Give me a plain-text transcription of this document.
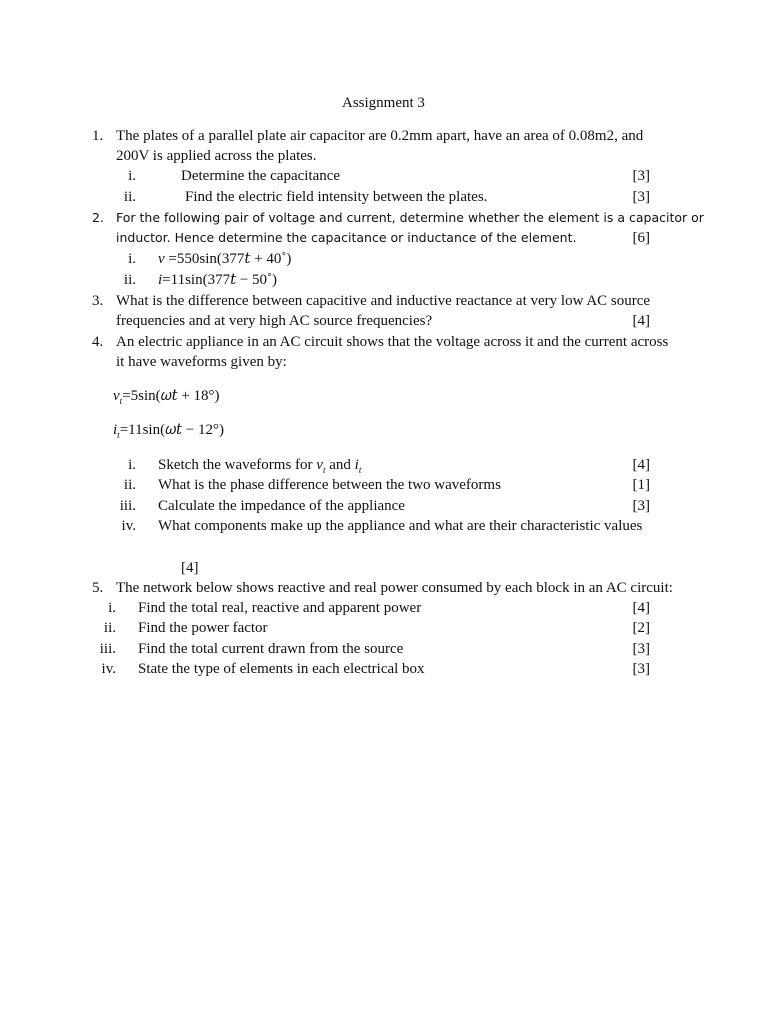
Assignment 3
1. The plates of a parallel plate air capacitor are 0.2mm apart, have an area of 0.08m2, and
200V is applied across the plates.
i.	Determine the capacitance	[3]
ii.	Find the electric field intensity between the plates.	[3]
2. For the following pair of voltage and current, determine whether the element is a capacitor or
inductor. Hence determine the capacitance or inductance of the element.	[6]
i. v =550sin(377𝑡 + 40˚)
ii. i=11sin(377𝑡 − 50˚)
3. What is the difference between capacitive and inductive reactance at very low AC source
frequencies and at very high AC source frequencies?	[4]
4. An electric appliance in an AC circuit shows that the voltage across it and the current across
it have waveforms given by:
$v_t=5\sin(𝜔𝑡 + 18^\circ)$
$i_t=11\sin(𝜔𝑡 - 12^\circ)$
i. Sketch the waveforms for $v_t$ and $i_t$	[4]
ii. What is the phase difference between the two waveforms	[1]
iii. Calculate the impedance of the appliance	[3]
iv. What components make up the appliance and what are their characteristic values
[4]
5. The network below shows reactive and real power consumed by each block in an AC circuit:
i. Find the total real, reactive and apparent power	[4]
ii. Find the power factor	[2]
iii. Find the total current drawn from the source	[3]
iv. State the type of elements in each electrical box	[3]
